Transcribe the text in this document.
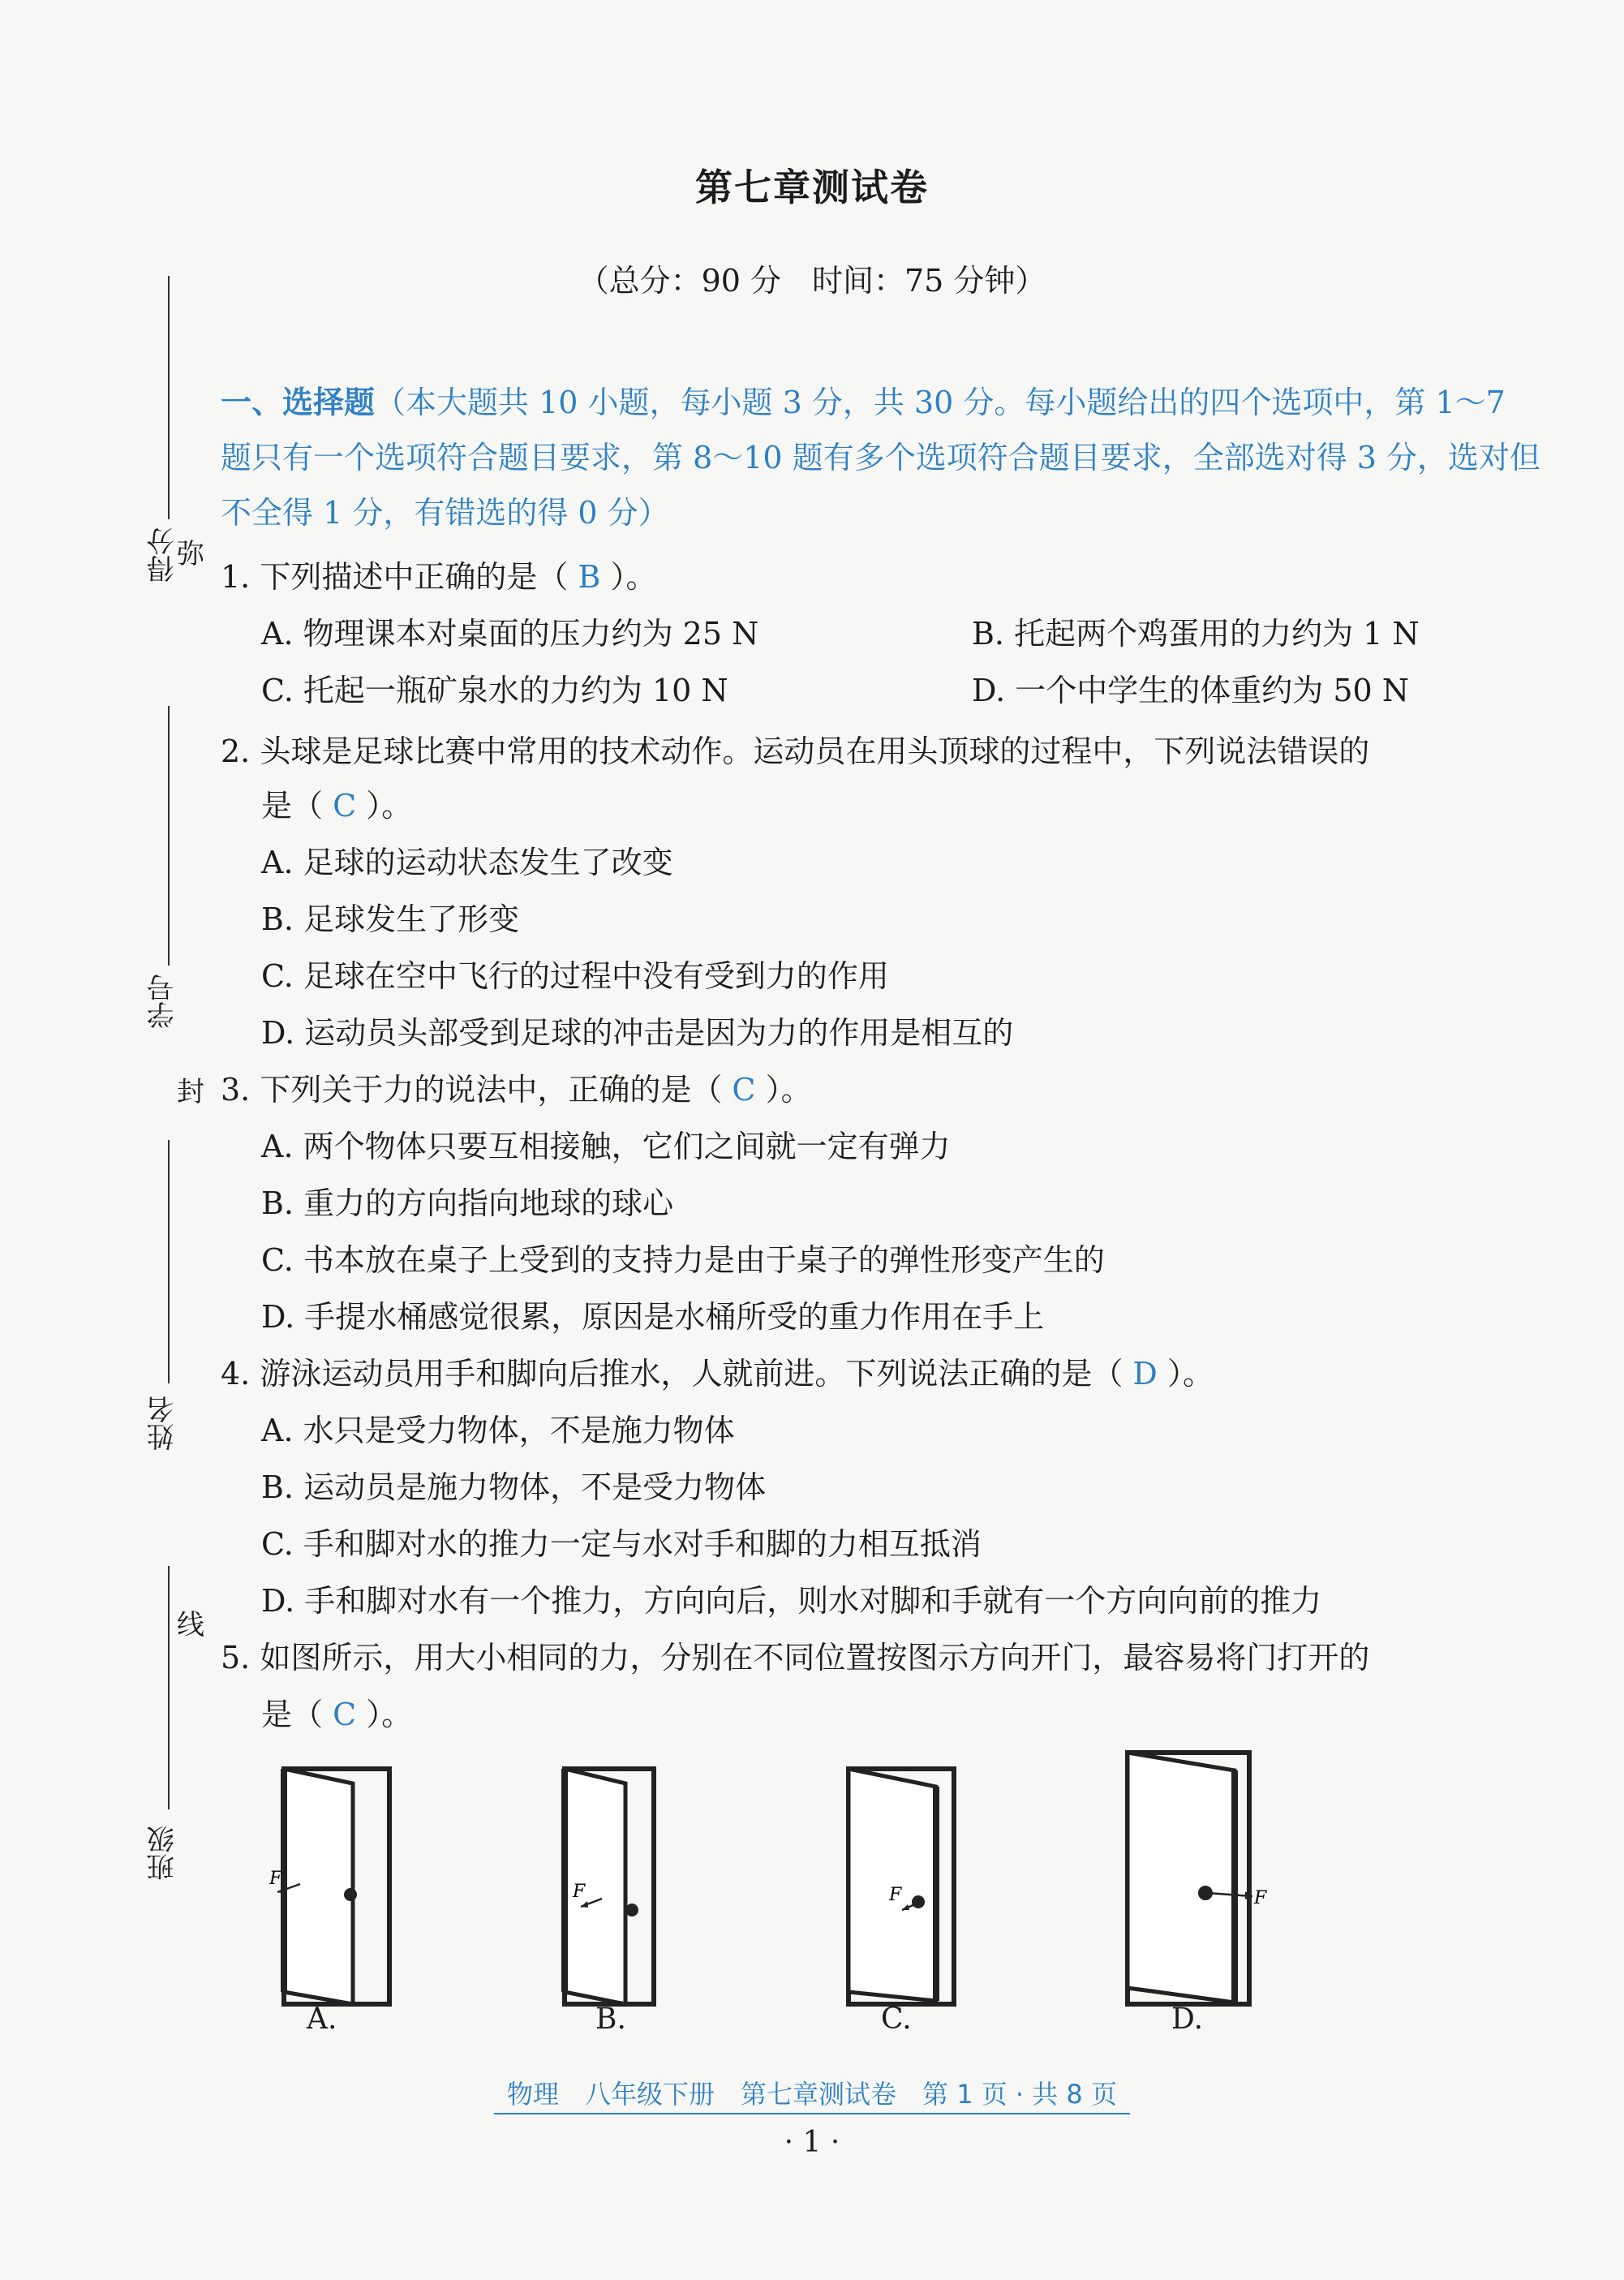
第七章测试卷
（总分：90 分　时间：75 分钟）
得分
学号
姓名
班级
弥
封
线
一、选择题（本大题共 10 小题，每小题 3 分，共 30 分。每小题给出的四个选项中，第 1～7 题只有一个选项符合题目要求，第 8～10 题有多个选项符合题目要求，全部选对得 3 分，选对但不全得 1 分，有错选的得 0 分）
1. 下列描述中正确的是（ B ）。
A. 物理课本对桌面的压力约为 25 N	B. 托起两个鸡蛋用的力约为 1 N
C. 托起一瓶矿泉水的力约为 10 N	D. 一个中学生的体重约为 50 N
2. 头球是足球比赛中常用的技术动作。运动员在用头顶球的过程中，下列说法错误的
是（ C ）。
A. 足球的运动状态发生了改变
B. 足球发生了形变
C. 足球在空中飞行的过程中没有受到力的作用
D. 运动员头部受到足球的冲击是因为力的作用是相互的
3. 下列关于力的说法中，正确的是（ C ）。
A. 两个物体只要互相接触，它们之间就一定有弹力
B. 重力的方向指向地球的球心
C. 书本放在桌子上受到的支持力是由于桌子的弹性形变产生的
D. 手提水桶感觉很累，原因是水桶所受的重力作用在手上
4. 游泳运动员用手和脚向后推水，人就前进。下列说法正确的是（ D ）。
A. 水只是受力物体，不是施力物体
B. 运动员是施力物体，不是受力物体
C. 手和脚对水的推力一定与水对手和脚的力相互抵消
D. 手和脚对水有一个推力，方向向后，则水对脚和手就有一个方向向前的推力
5. 如图所示，用大小相同的力，分别在不同位置按图示方向开门，最容易将门打开的
是（ C ）。
F
A.
F
B.
F
C.
F
D.
物理　八年级下册　第七章测试卷　第 1 页 · 共 8 页
· 1 ·
